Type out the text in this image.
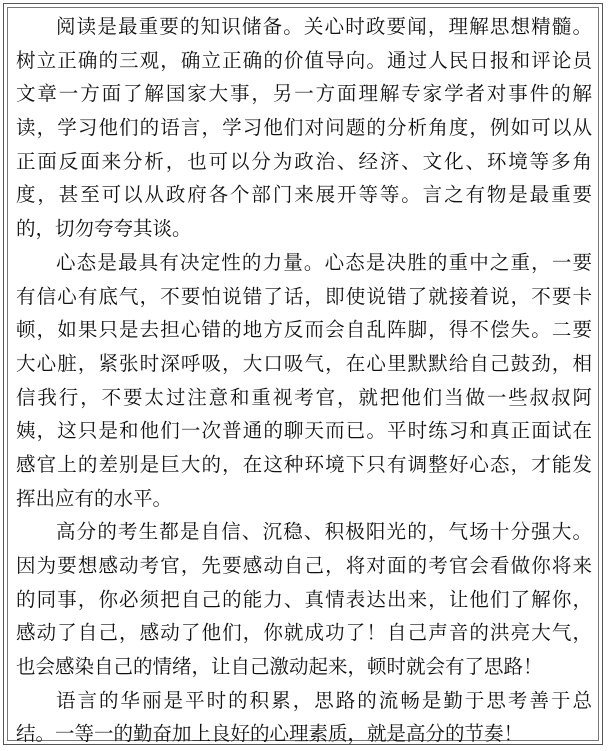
阅读是最重要的知识储备。关心时政要闻，理解思想精髓。
树立正确的三观，确立正确的价值导向。通过人民日报和评论员
文章一方面了解国家大事，另一方面理解专家学者对事件的解
读，学习他们的语言，学习他们对问题的分析角度，例如可以从
正面反面来分析，也可以分为政治、经济、文化、环境等多角
度，甚至可以从政府各个部门来展开等等。言之有物是最重要
的，切勿夸夸其谈。
心态是最具有决定性的力量。心态是决胜的重中之重，一要
有信心有底气，不要怕说错了话，即使说错了就接着说，不要卡
顿，如果只是去担心错的地方反而会自乱阵脚，得不偿失。二要
大心脏，紧张时深呼吸，大口吸气，在心里默默给自己鼓劲，相
信我行，不要太过注意和重视考官，就把他们当做一些叔叔阿
姨，这只是和他们一次普通的聊天而已。平时练习和真正面试在
感官上的差别是巨大的，在这种环境下只有调整好心态，才能发
挥出应有的水平。
高分的考生都是自信、沉稳、积极阳光的，气场十分强大。
因为要想感动考官，先要感动自己，将对面的考官会看做你将来
的同事，你必须把自己的能力、真情表达出来，让他们了解你，
感动了自己，感动了他们，你就成功了！自己声音的洪亮大气，
也会感染自己的情绪，让自己激动起来，顿时就会有了思路！
语言的华丽是平时的积累，思路的流畅是勤于思考善于总
结。一等一的勤奋加上良好的心理素质，就是高分的节奏！
